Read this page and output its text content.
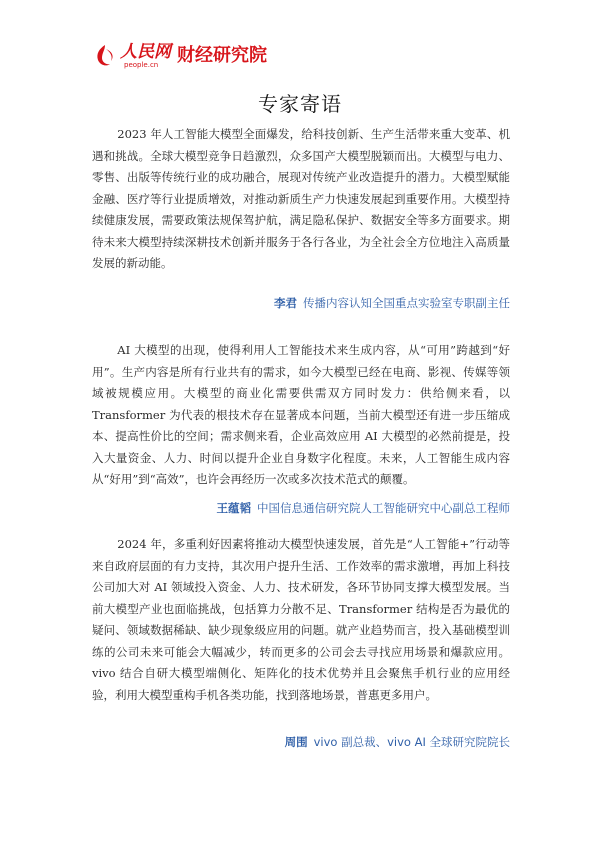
人民网
people.cn	财经研究院
专家寄语

2023 年人工智能大模型全面爆发，给科技创新、生产生活带来重大变革、机遇和挑战。全球大模型竞争日趋激烈，众多国产大模型脱颖而出。大模型与电力、零售、出版等传统行业的成功融合，展现对传统产业改造提升的潜力。大模型赋能金融、医疗等行业提质增效，对推动新质生产力快速发展起到重要作用。大模型持续健康发展，需要政策法规保驾护航，满足隐私保护、数据安全等多方面要求。期待未来大模型持续深耕技术创新并服务于各行各业，为全社会全方位地注入高质量发展的新动能。

李君 传播内容认知全国重点实验室专职副主任

AI 大模型的出现，使得利用人工智能技术来生成内容，从“可用”跨越到“好用”。生产内容是所有行业共有的需求，如今大模型已经在电商、影视、传媒等领域被规模应用。大模型的商业化需要供需双方同时发力：供给侧来看，以 Transformer 为代表的根技术存在显著成本问题，当前大模型还有进一步压缩成本、提高性价比的空间；需求侧来看，企业高效应用 AI 大模型的必然前提是，投入大量资金、人力、时间以提升企业自身数字化程度。未来，人工智能生成内容从“好用”到“高效”，也许会再经历一次或多次技术范式的颠覆。

王蕴韬 中国信息通信研究院人工智能研究中心副总工程师

2024 年，多重利好因素将推动大模型快速发展，首先是“人工智能+”行动等来自政府层面的有力支持，其次用户提升生活、工作效率的需求激增，再加上科技公司加大对 AI 领域投入资金、人力、技术研发，各环节协同支撑大模型发展。当前大模型产业也面临挑战，包括算力分散不足、Transformer 结构是否为最优的疑问、领域数据稀缺、缺少现象级应用的问题。就产业趋势而言，投入基础模型训练的公司未来可能会大幅减少，转而更多的公司会去寻找应用场景和爆款应用。vivo 结合自研大模型端侧化、矩阵化的技术优势并且会聚焦手机行业的应用经验，利用大模型重构手机各类功能，找到落地场景，普惠更多用户。

周围 vivo 副总裁、vivo AI 全球研究院院长
